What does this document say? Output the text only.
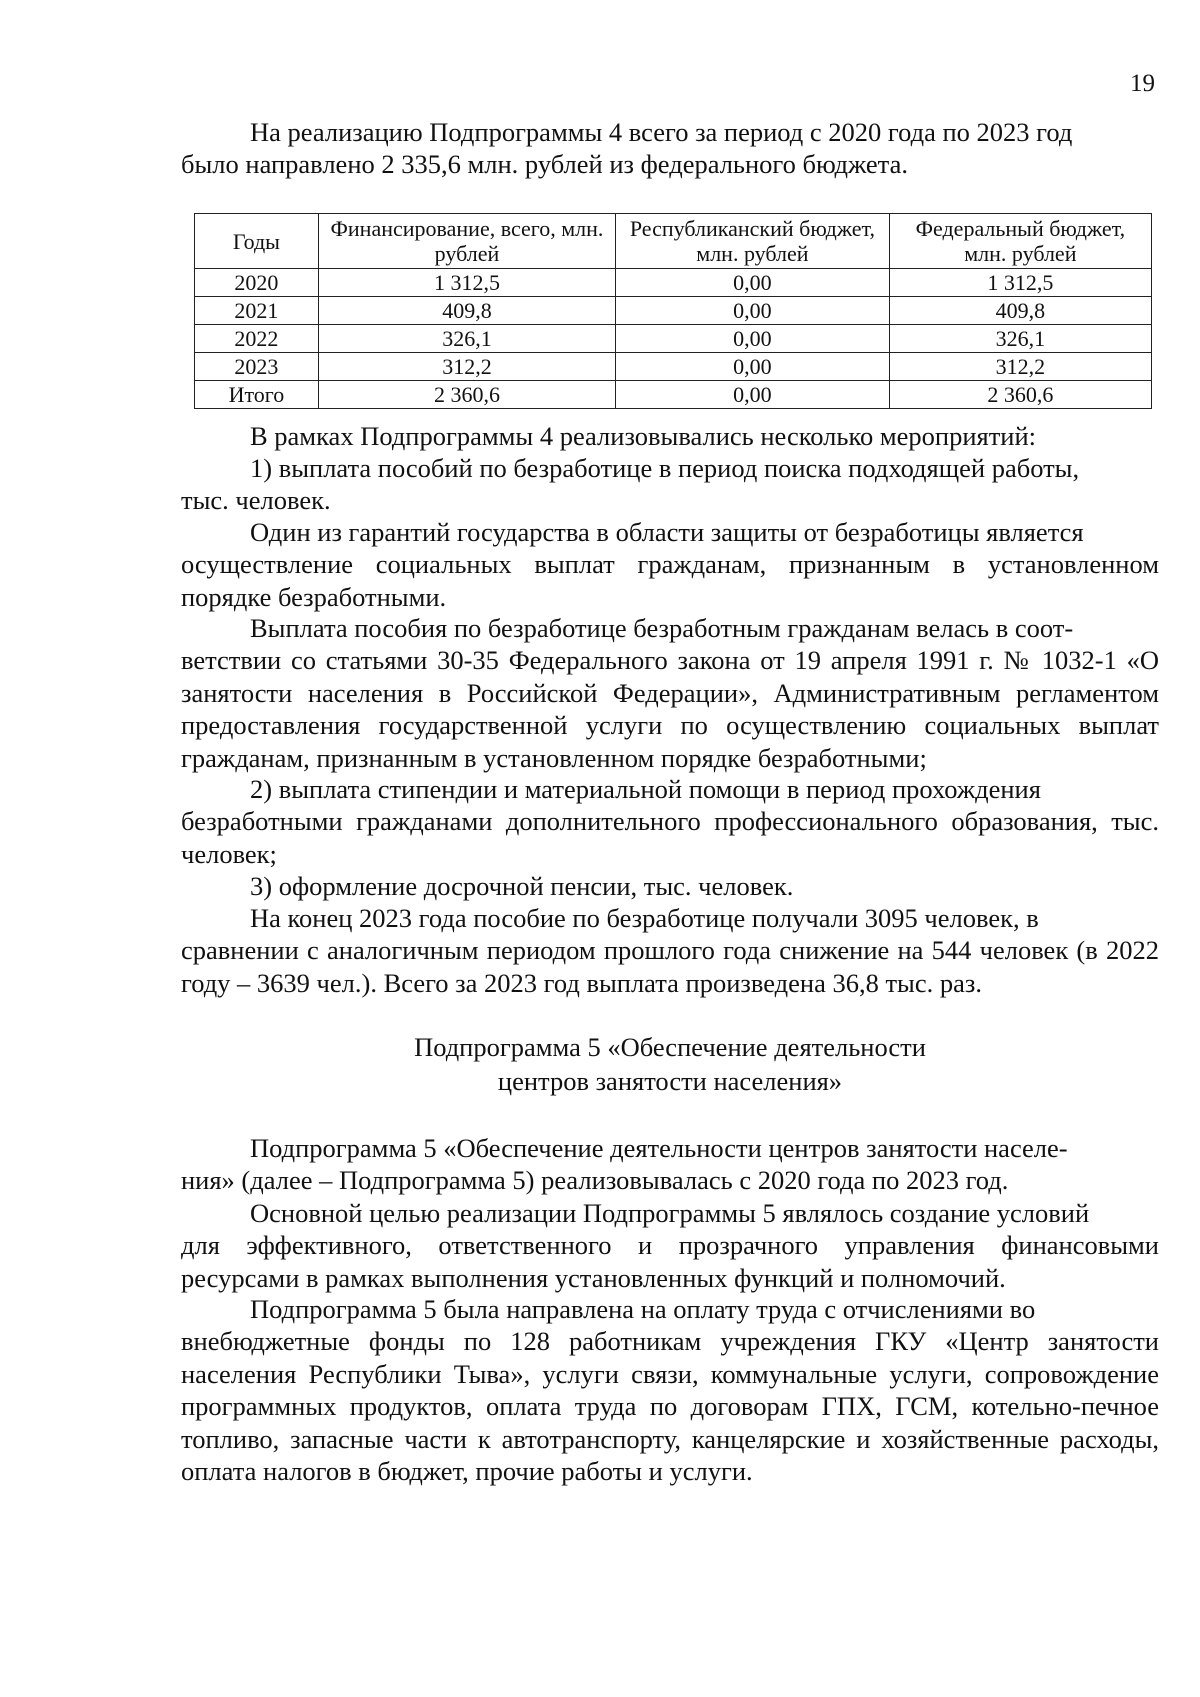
19

На реализацию Подпрограммы 4 всего за период с 2020 года по 2023 год

было направлено 2 335,6 млн. рублей из федерального бюджета.

Годы	Финансирование, всего, млн. рублей	Республиканский бюджет, млн. рублей	Федеральный бюджет, млн. рублей
2020	1 312,5	0,00	1 312,5
2021	409,8	0,00	409,8
2022	326,1	0,00	326,1
2023	312,2	0,00	312,2
Итого	2 360,6	0,00	2 360,6

В рамках Подпрограммы 4 реализовывались несколько мероприятий:

1) выплата пособий по безработице в период поиска подходящей работы,

тыс. человек.

Один из гарантий государства в области защиты от безработицы является

осуществление социальных выплат гражданам, признанным в установленном порядке безработными.

Выплата пособия по безработице безработным гражданам велась в соот-

ветствии со статьями 30-35 Федерального закона от 19 апреля 1991 г. № 1032-1 «О занятости населения в Российской Федерации», Административным регламентом предоставления государственной услуги по осуществлению социальных выплат гражданам, признанным в установленном порядке безработными;

2) выплата стипендии и материальной помощи в период прохождения

безработными гражданами дополнительного профессионального образования, тыс. человек;

3) оформление досрочной пенсии, тыс. человек.

На конец 2023 года пособие по безработице получали 3095 человек, в

сравнении с аналогичным периодом прошлого года снижение на 544 человек (в 2022 году – 3639 чел.). Всего за 2023 год выплата произведена 36,8 тыс. раз.

Подпрограмма 5 «Обеспечение деятельности

центров занятости населения»

Подпрограмма 5 «Обеспечение деятельности центров занятости населе-

ния» (далее – Подпрограмма 5) реализовывалась с 2020 года по 2023 год.

Основной целью реализации Подпрограммы 5 являлось создание условий

для эффективного, ответственного и прозрачного управления финансовыми ресурсами в рамках выполнения установленных функций и полномочий.

Подпрограмма 5 была направлена на оплату труда с отчислениями во

внебюджетные фонды по 128 работникам учреждения ГКУ «Центр занятости населения Республики Тыва», услуги связи, коммунальные услуги, сопровождение программных продуктов, оплата труда по договорам ГПХ, ГСМ, котельно-печное топливо, запасные части к автотранспорту, канцелярские и хозяйственные расходы, оплата налогов в бюджет, прочие работы и услуги.
